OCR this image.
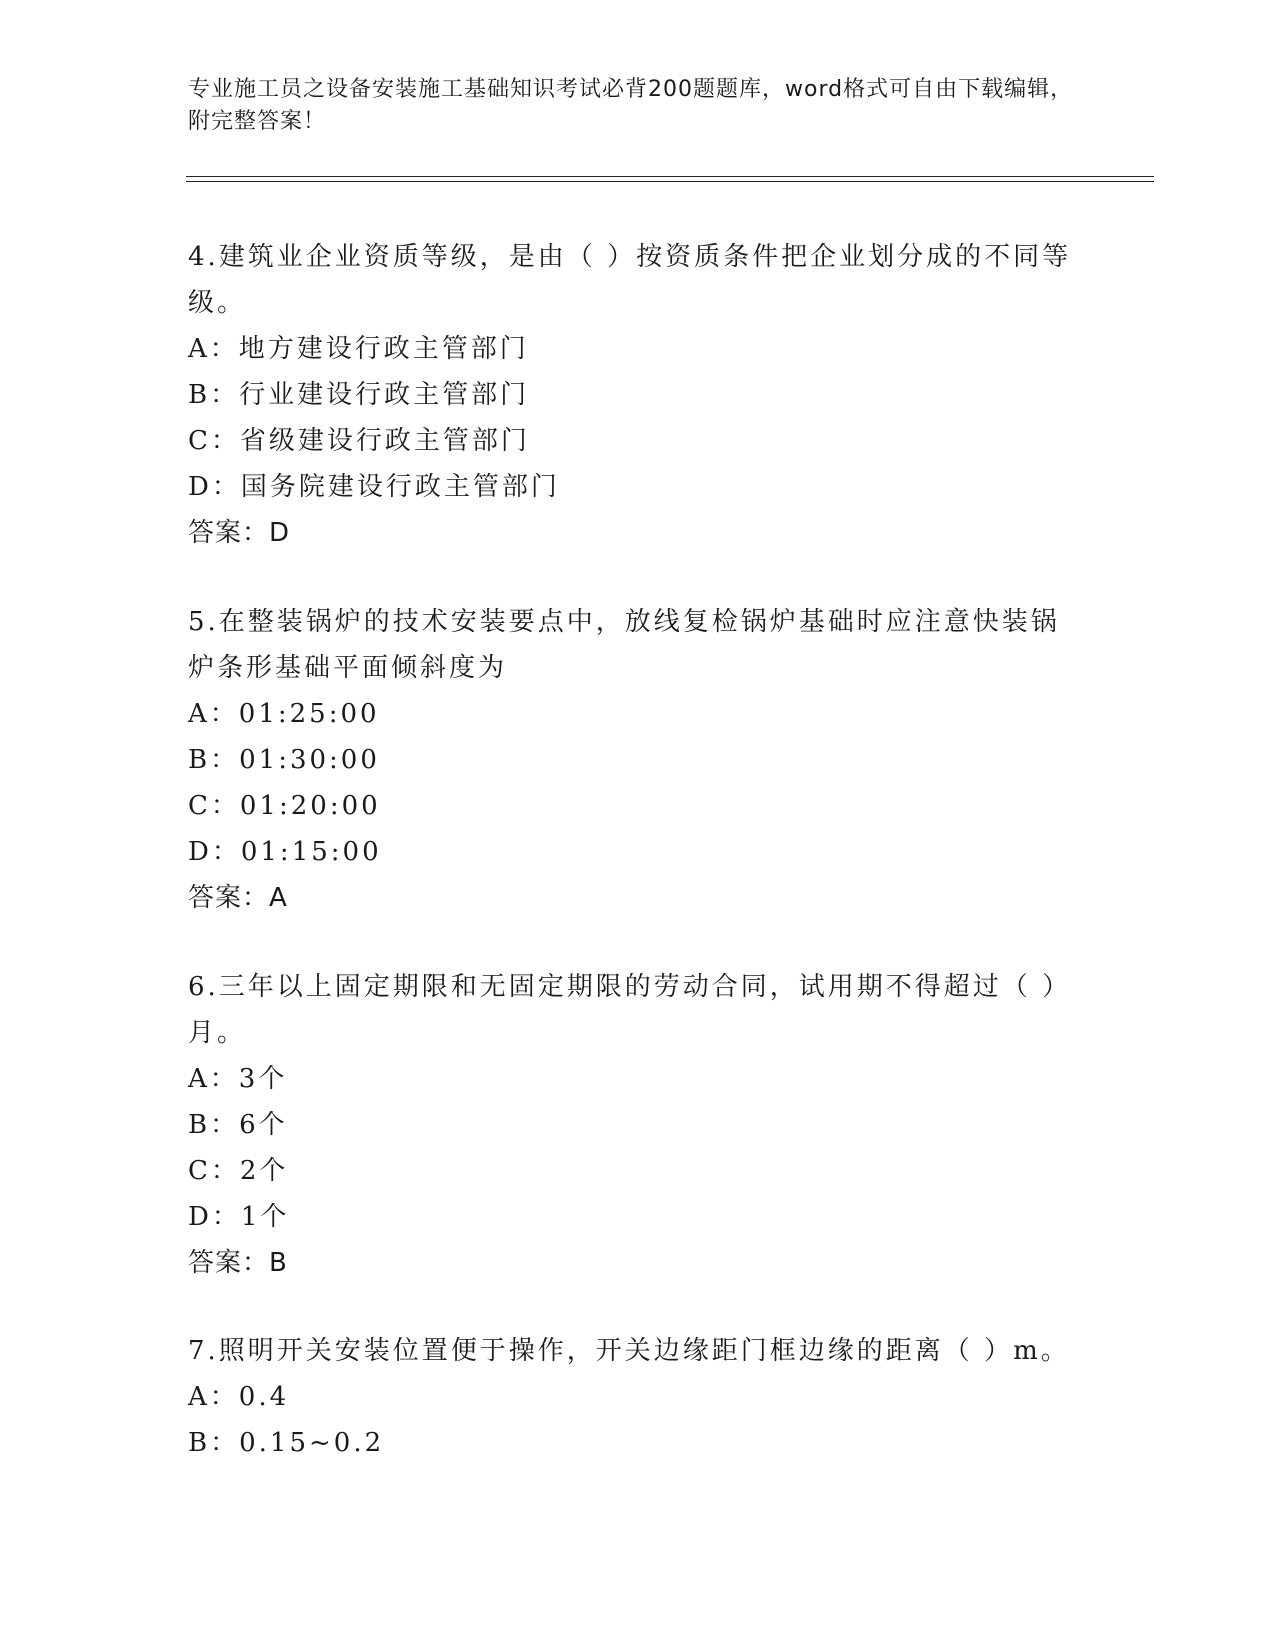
专业施工员之设备安装施工基础知识考试必背200题题库，word格式可自由下载编辑，附完整答案！
4.建筑业企业资质等级，是由（ ）按资质条件把企业划分成的不同等级。
A：地方建设行政主管部门
B：行业建设行政主管部门
C：省级建设行政主管部门
D：国务院建设行政主管部门
答案：D
5.在整装锅炉的技术安装要点中，放线复检锅炉基础时应注意快装锅炉条形基础平面倾斜度为
A：01:25:00
B：01:30:00
C：01:20:00
D：01:15:00
答案：A
6.三年以上固定期限和无固定期限的劳动合同，试用期不得超过（ ）月。
A：3个
B：6个
C：2个
D：1个
答案：B
7.照明开关安装位置便于操作，开关边缘距门框边缘的距离（ ）m。
A：0.4
B：0.15~0.2
